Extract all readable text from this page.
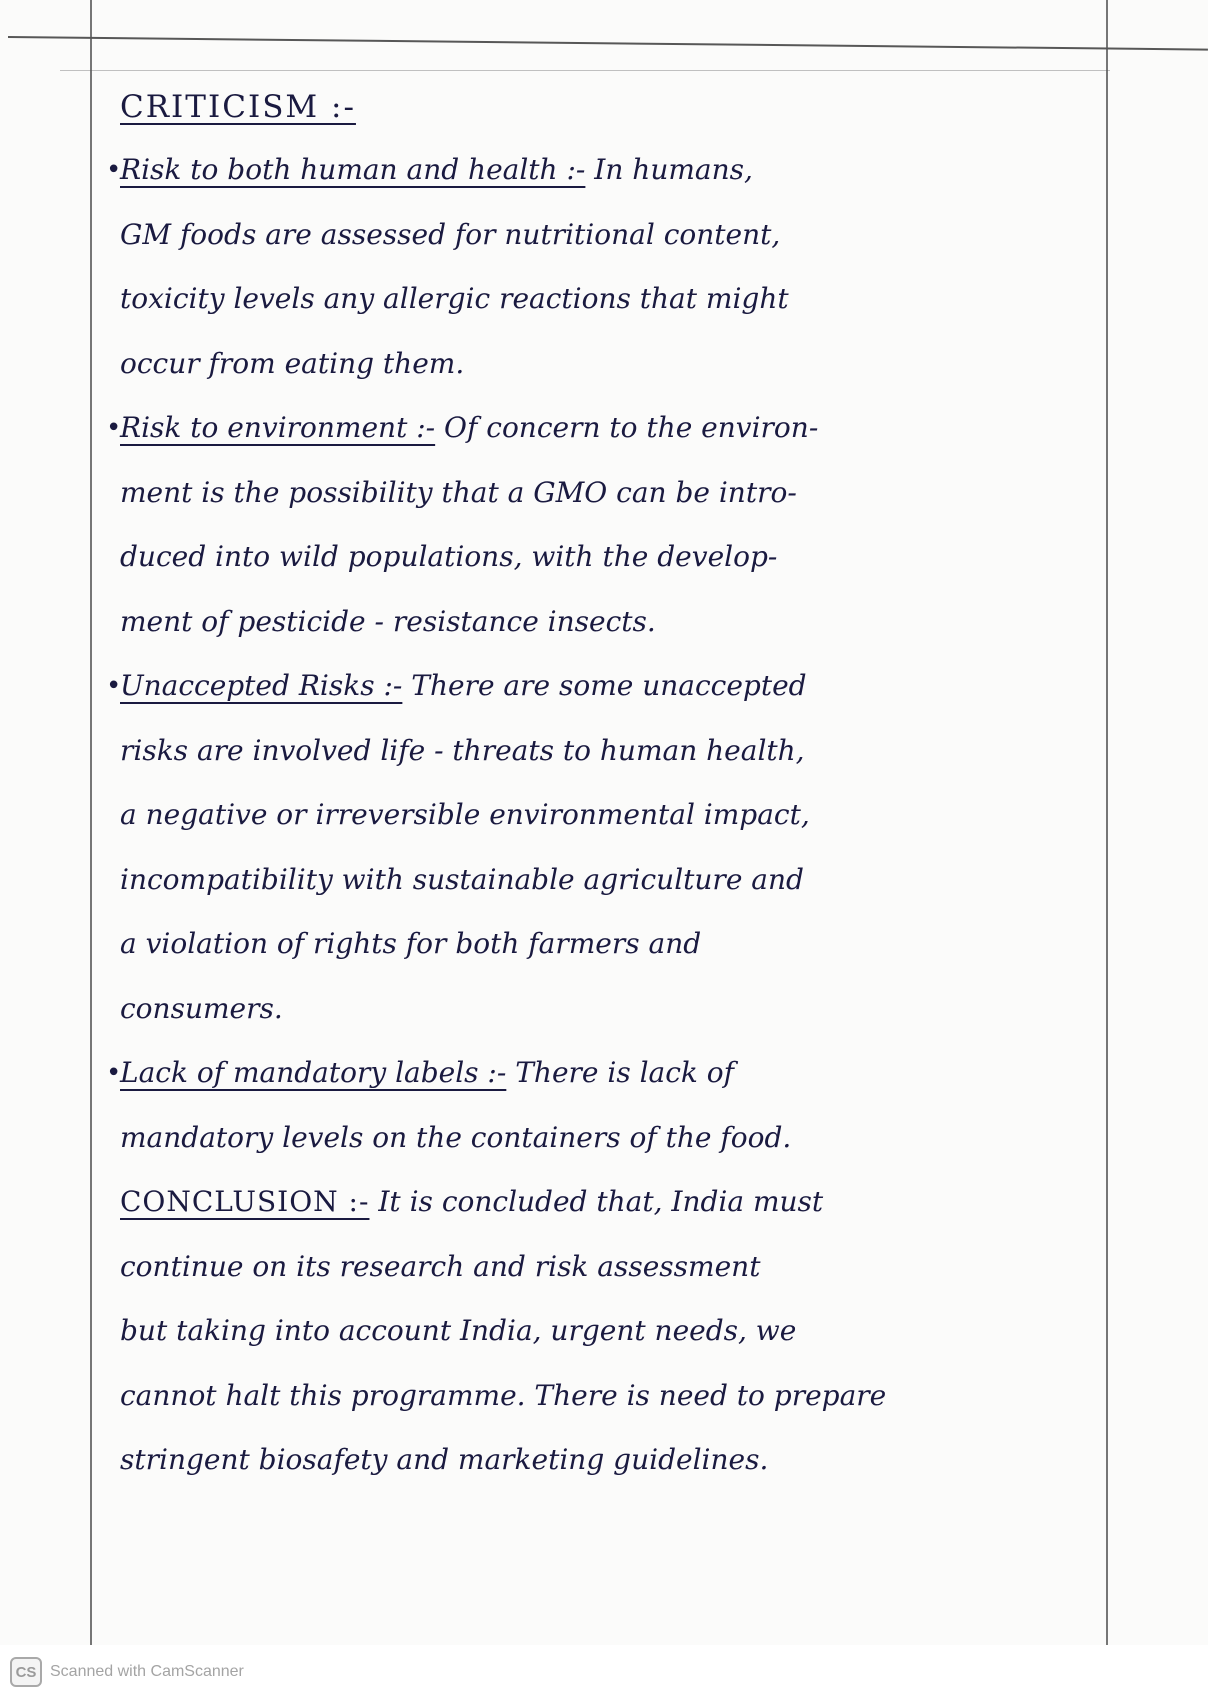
CRITICISM :-
•
Risk to both human and health :- In humans,
GM foods are assessed for nutritional content,
toxicity levels any allergic reactions that might
occur from eating them.
•
Risk to environment :- Of concern to the environ-
ment is the possibility that a GMO can be intro-
duced into wild populations, with the develop-
ment of pesticide - resistance insects.
•
Unaccepted Risks :- There are some unaccepted
risks are involved life - threats to human health,
a negative or irreversible environmental impact,
incompatibility with sustainable agriculture and
a violation of rights for both farmers and
consumers.
•
Lack of mandatory labels :- There is lack of
mandatory levels on the containers of the food.
CONCLUSION :- It is concluded that, India must
continue on its research and risk assessment
but taking into account India, urgent needs, we
cannot halt this programme. There is need to prepare
stringent biosafety and marketing guidelines.
CS Scanned with CamScanner
